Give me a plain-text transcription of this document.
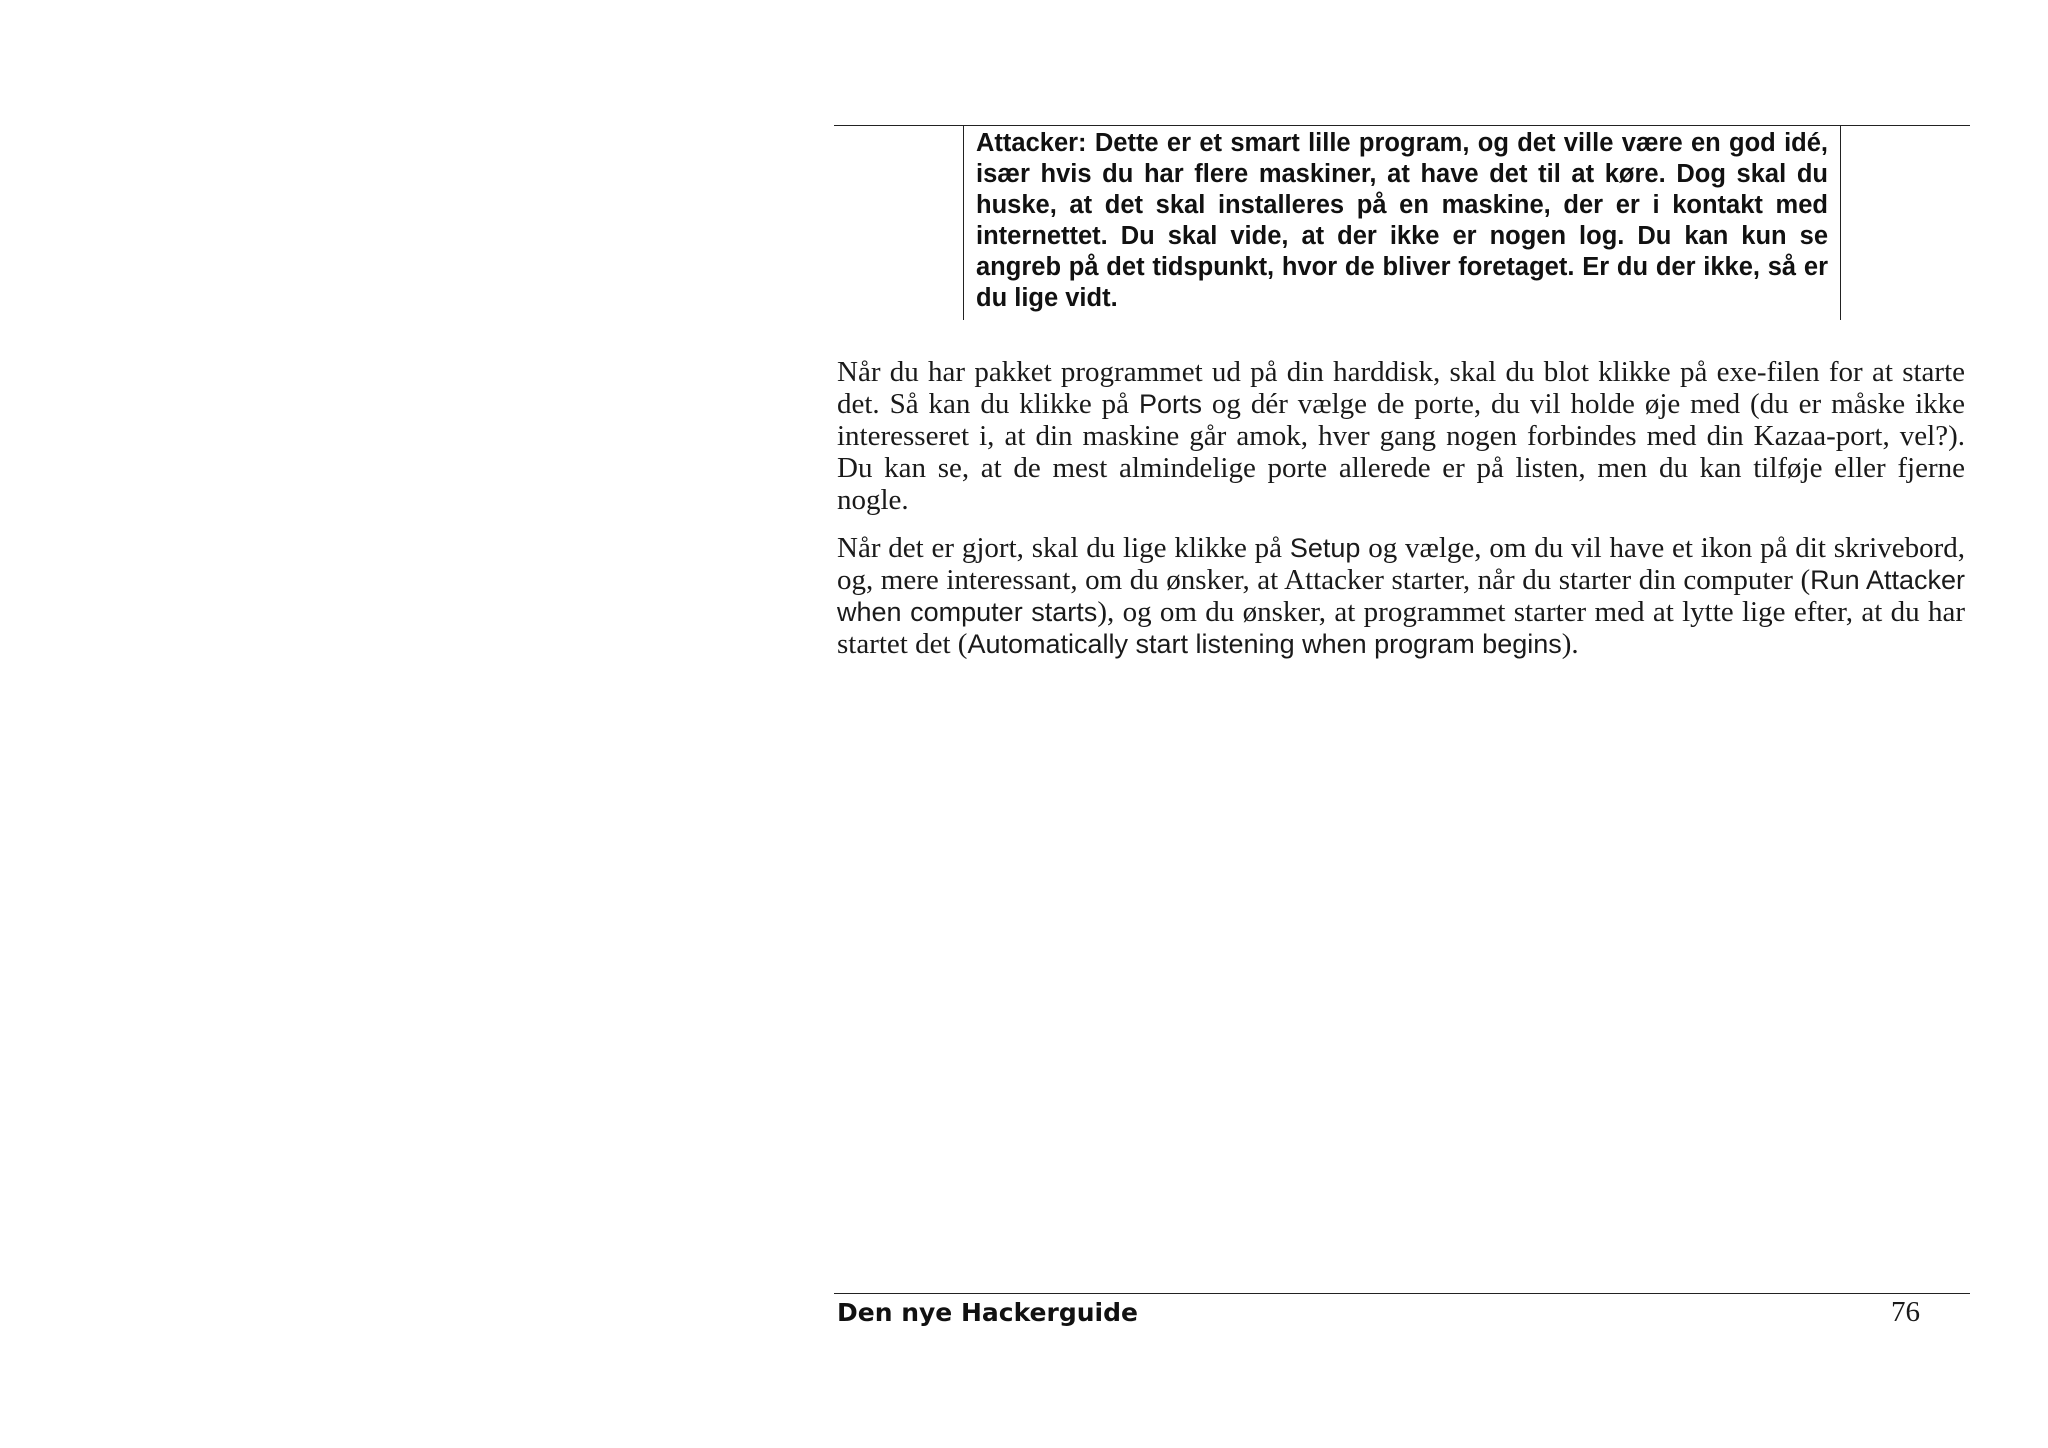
Attacker: Dette er et smart lille program, og det ville være en god idé, især hvis du har flere maskiner, at have det til at køre. Dog skal du huske, at det skal installeres på en maskine, der er i kontakt med internettet. Du skal vide, at der ikke er nogen log. Du kan kun se angreb på det tidspunkt, hvor de bliver foretaget. Er du der ikke, så er du lige vidt.

Når du har pakket programmet ud på din harddisk, skal du blot klikke på exe-filen for at starte det. Så kan du klikke på Ports og dér vælge de porte, du vil holde øje med (du er måske ikke interesseret i, at din maskine går amok, hver gang nogen forbindes med din Kazaa-port, vel?). Du kan se, at de mest almindelige porte allerede er på listen, men du kan tilføje eller fjerne nogle.

Når det er gjort, skal du lige klikke på Setup og vælge, om du vil have et ikon på dit skrivebord, og, mere interessant, om du ønsker, at Attacker starter, når du starter din computer (Run Attacker when computer starts), og om du ønsker, at programmet starter med at lytte lige efter, at du har startet det (Automatically start listening when program begins).

Den nye Hackerguide	76
